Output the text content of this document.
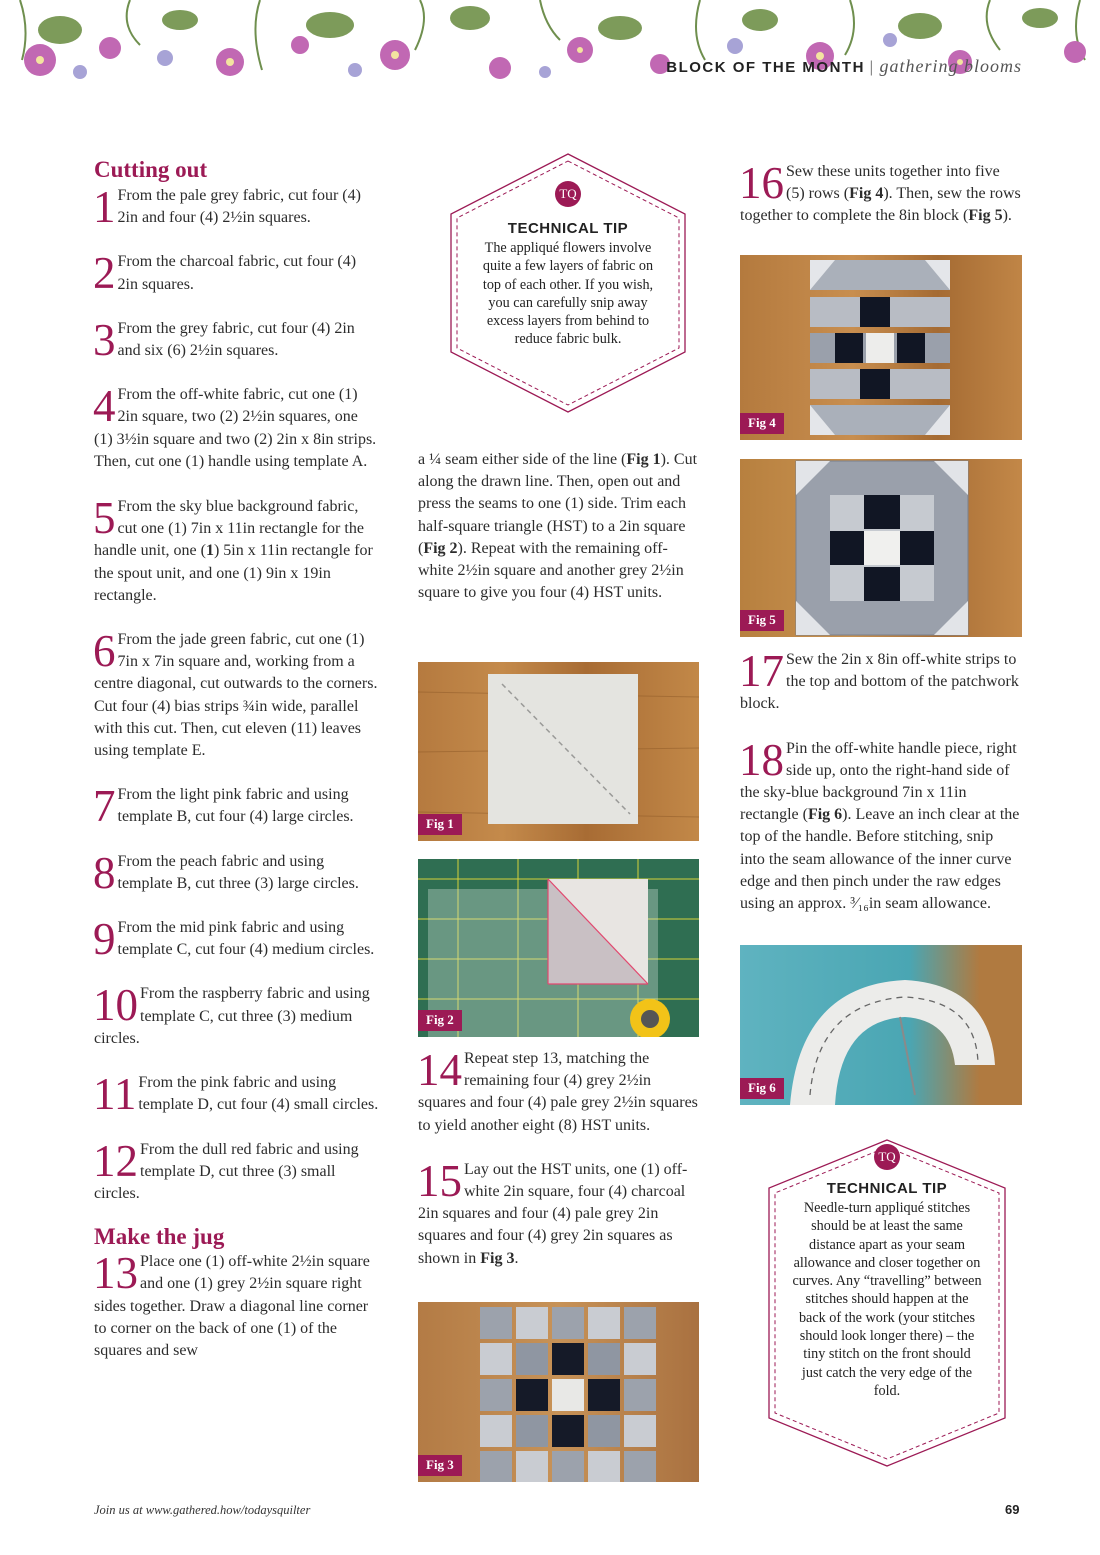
BLOCK OF THE MONTH | gathering blooms
Cutting out
1 From the pale grey fabric, cut four (4) 2in and four (4) 2½in squares.
2 From the charcoal fabric, cut four (4) 2in squares.
3 From the grey fabric, cut four (4) 2in and six (6) 2½in squares.
4 From the off-white fabric, cut one (1) 2in square, two (2) 2½in squares, one (1) 3½in square and two (2) 2in x 8in strips. Then, cut one (1) handle using template A.
5 From the sky blue background fabric, cut one (1) 7in x 11in rectangle for the handle unit, one (1) 5in x 11in rectangle for the spout unit, and one (1) 9in x 19in rectangle.
6 From the jade green fabric, cut one (1) 7in x 7in square and, working from a centre diagonal, cut outwards to the corners. Cut four (4) bias strips ¾in wide, parallel with this cut. Then, cut eleven (11) leaves using template E.
7 From the light pink fabric and using template B, cut four (4) large circles.
8 From the peach fabric and using template B, cut three (3) large circles.
9 From the mid pink fabric and using template C, cut four (4) medium circles.
10 From the raspberry fabric and using template C, cut three (3) medium circles.
11 From the pink fabric and using template D, cut four (4) small circles.
12 From the dull red fabric and using template D, cut three (3) small circles.
Make the jug
13 Place one (1) off-white 2½in square and one (1) grey 2½in square right sides together. Draw a diagonal line corner to corner on the back of one (1) of the squares and sew
TQ
TECHNICAL TIP
The appliqué flowers involve quite a few layers of fabric on top of each other. If you wish, you can carefully snip away excess layers from behind to reduce fabric bulk.
a ¼ seam either side of the line (Fig 1). Cut along the drawn line. Then, open out and press the seams to one (1) side. Trim each half-square triangle (HST) to a 2in square (Fig 2). Repeat with the remaining off-white 2½in square and another grey 2½in square to give you four (4) HST units.
Fig 1
Fig 2
14 Repeat step 13, matching the remaining four (4) grey 2½in squares and four (4) pale grey 2½in squares to yield another eight (8) HST units.
15 Lay out the HST units, one (1) off-white 2in square, four (4) charcoal 2in squares and four (4) pale grey 2in squares and four (4) grey 2in squares as shown in Fig 3.
Fig 3
16 Sew these units together into five (5) rows (Fig 4). Then, sew the rows together to complete the 8in block (Fig 5).
Fig 4
Fig 5
17 Sew the 2in x 8in off-white strips to the top and bottom of the patchwork block.
18 Pin the off-white handle piece, right side up, onto the right-hand side of the sky-blue background 7in x 11in rectangle (Fig 6). Leave an inch clear at the top of the handle. Before stitching, snip into the seam allowance of the inner curve edge and then pinch under the raw edges using an approx. ³⁄₁₆in seam allowance.
Fig 6
TQ
TECHNICAL TIP
Needle-turn appliqué stitches should be at least the same distance apart as your seam allowance and closer together on curves. Any “travelling” between stitches should happen at the back of the work (your stitches should look longer there) – the tiny stitch on the front should just catch the very edge of the fold.
Join us at www.gathered.how/todaysquilter	69
